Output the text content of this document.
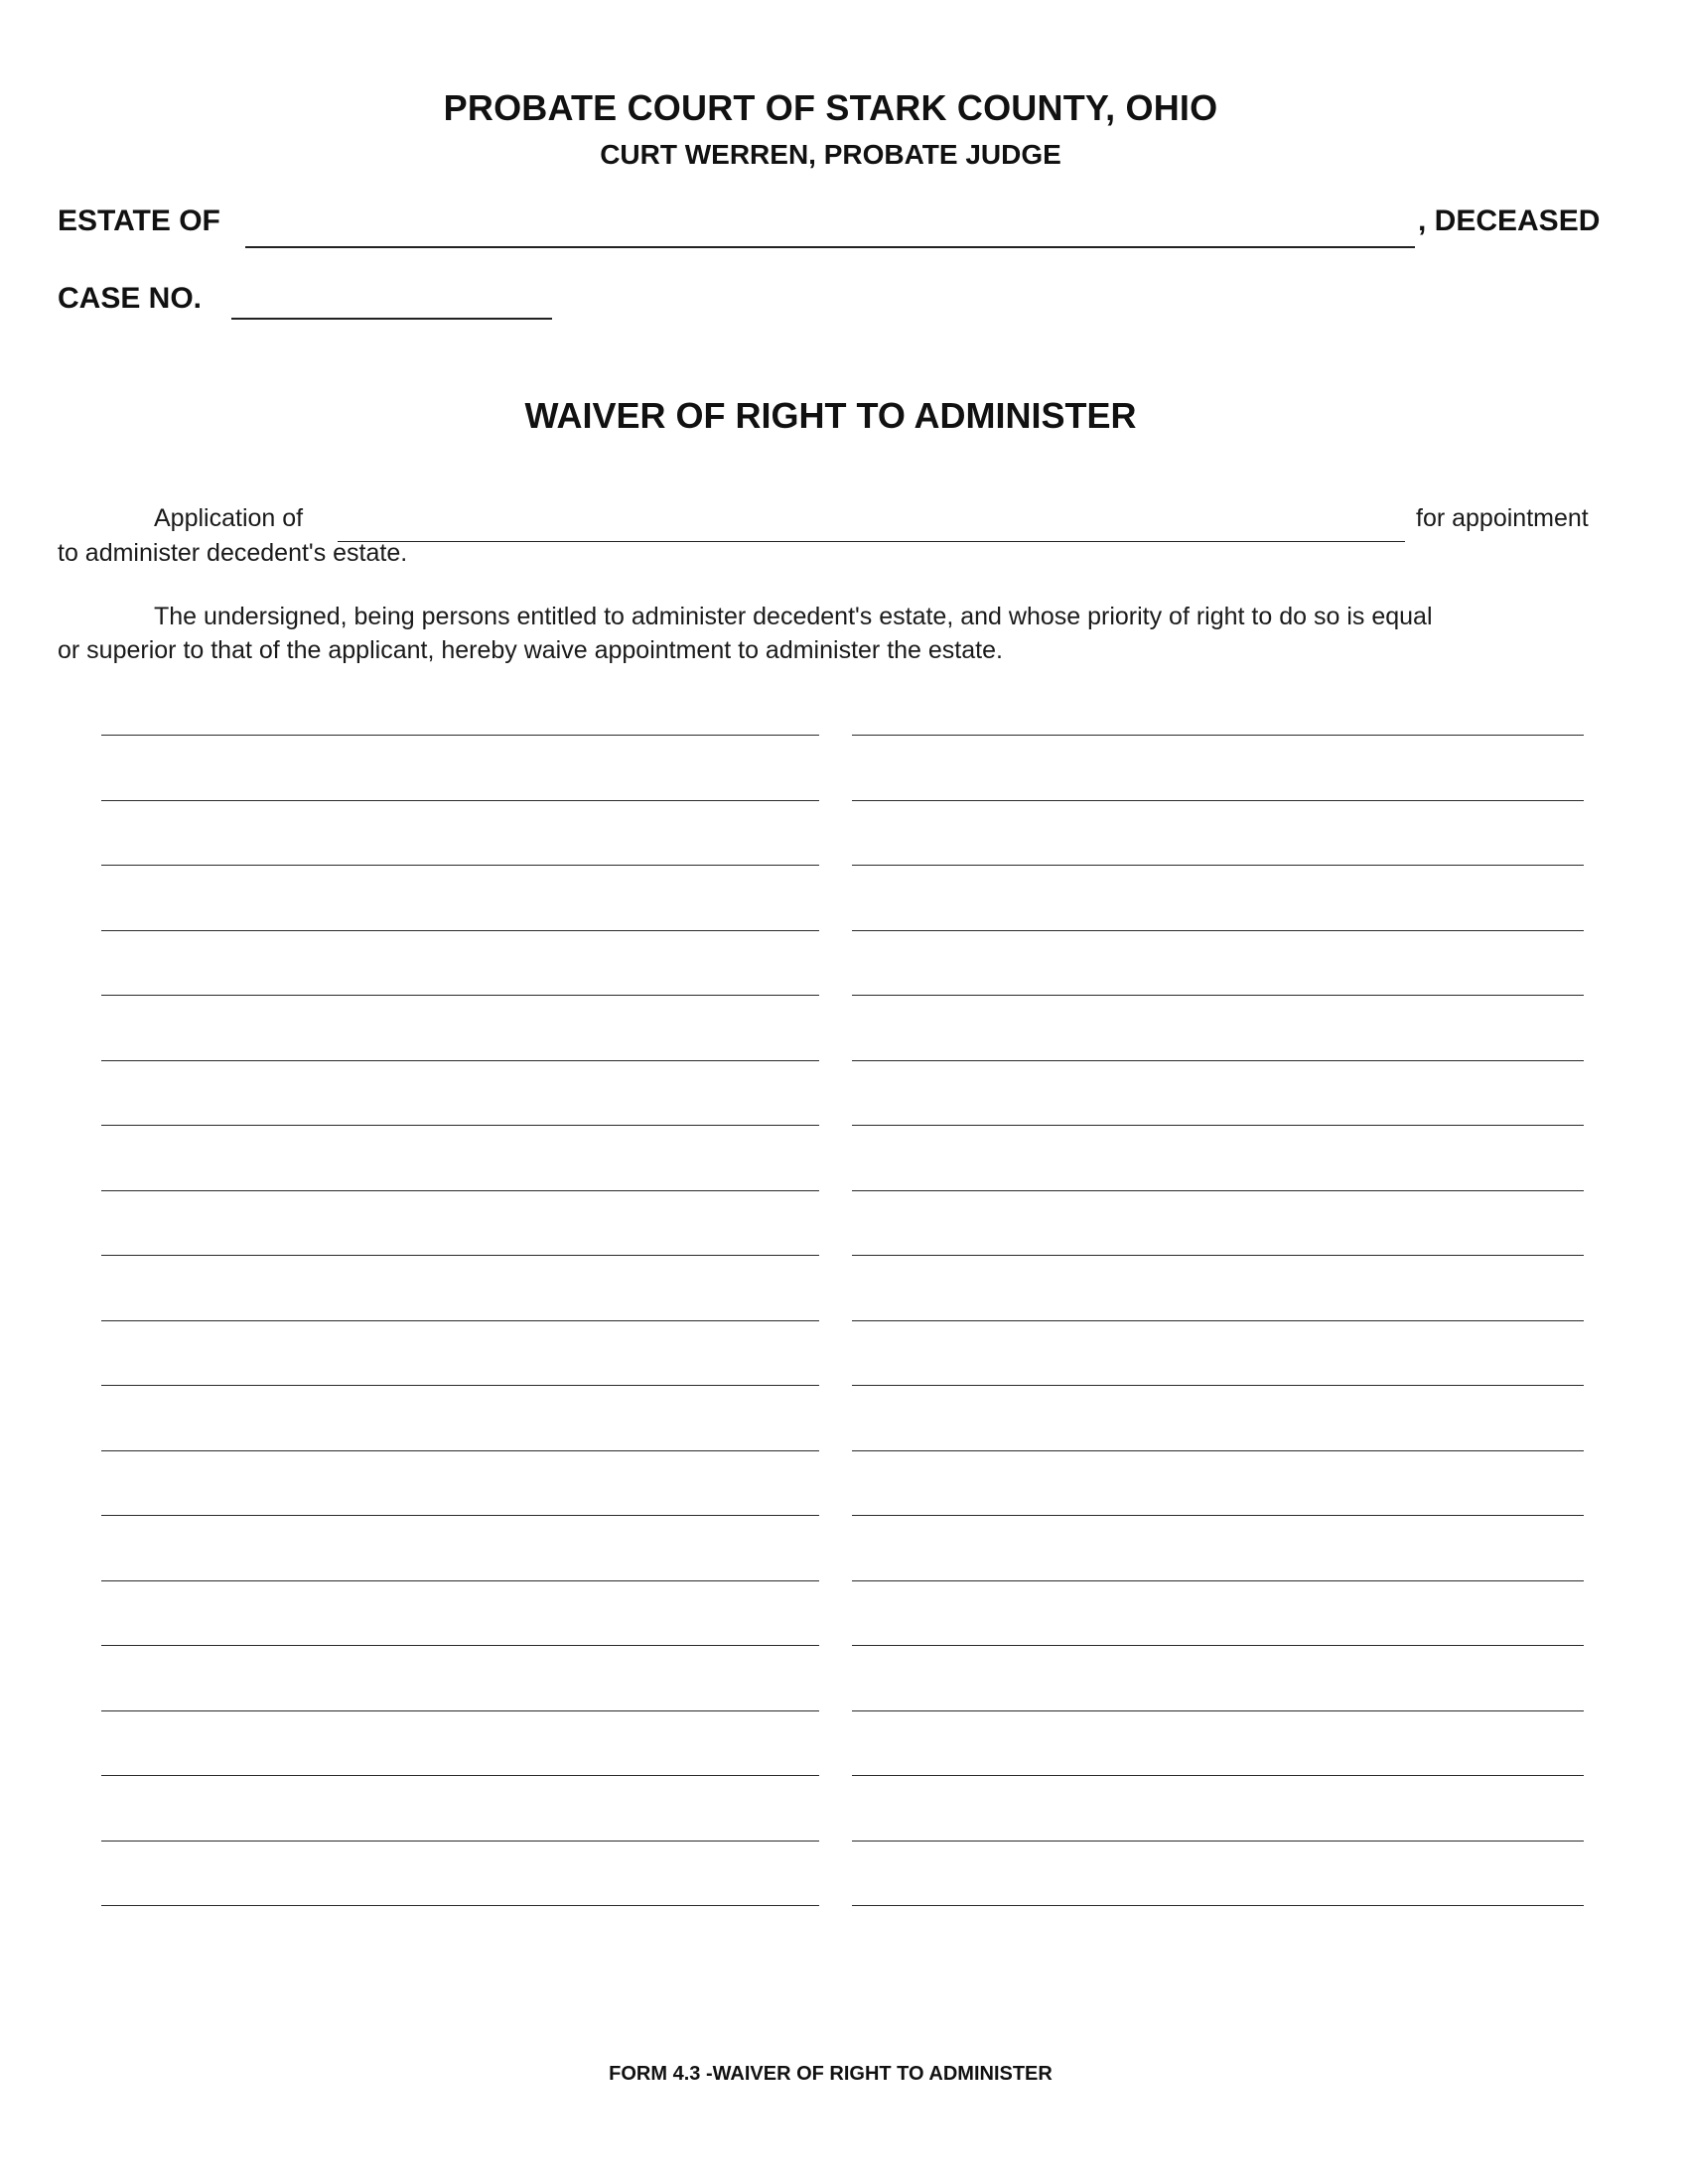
PROBATE COURT OF STARK COUNTY, OHIO
CURT WERREN, PROBATE JUDGE
ESTATE OF	, DECEASED
CASE NO.
WAIVER OF RIGHT TO ADMINISTER
Application of	for appointment
to administer decedent's estate.
The undersigned, being persons entitled to administer decedent's estate, and whose priority of right to do so is equal
or superior to that of the applicant, hereby waive appointment to administer the estate.
FORM 4.3 -WAIVER OF RIGHT TO ADMINISTER
